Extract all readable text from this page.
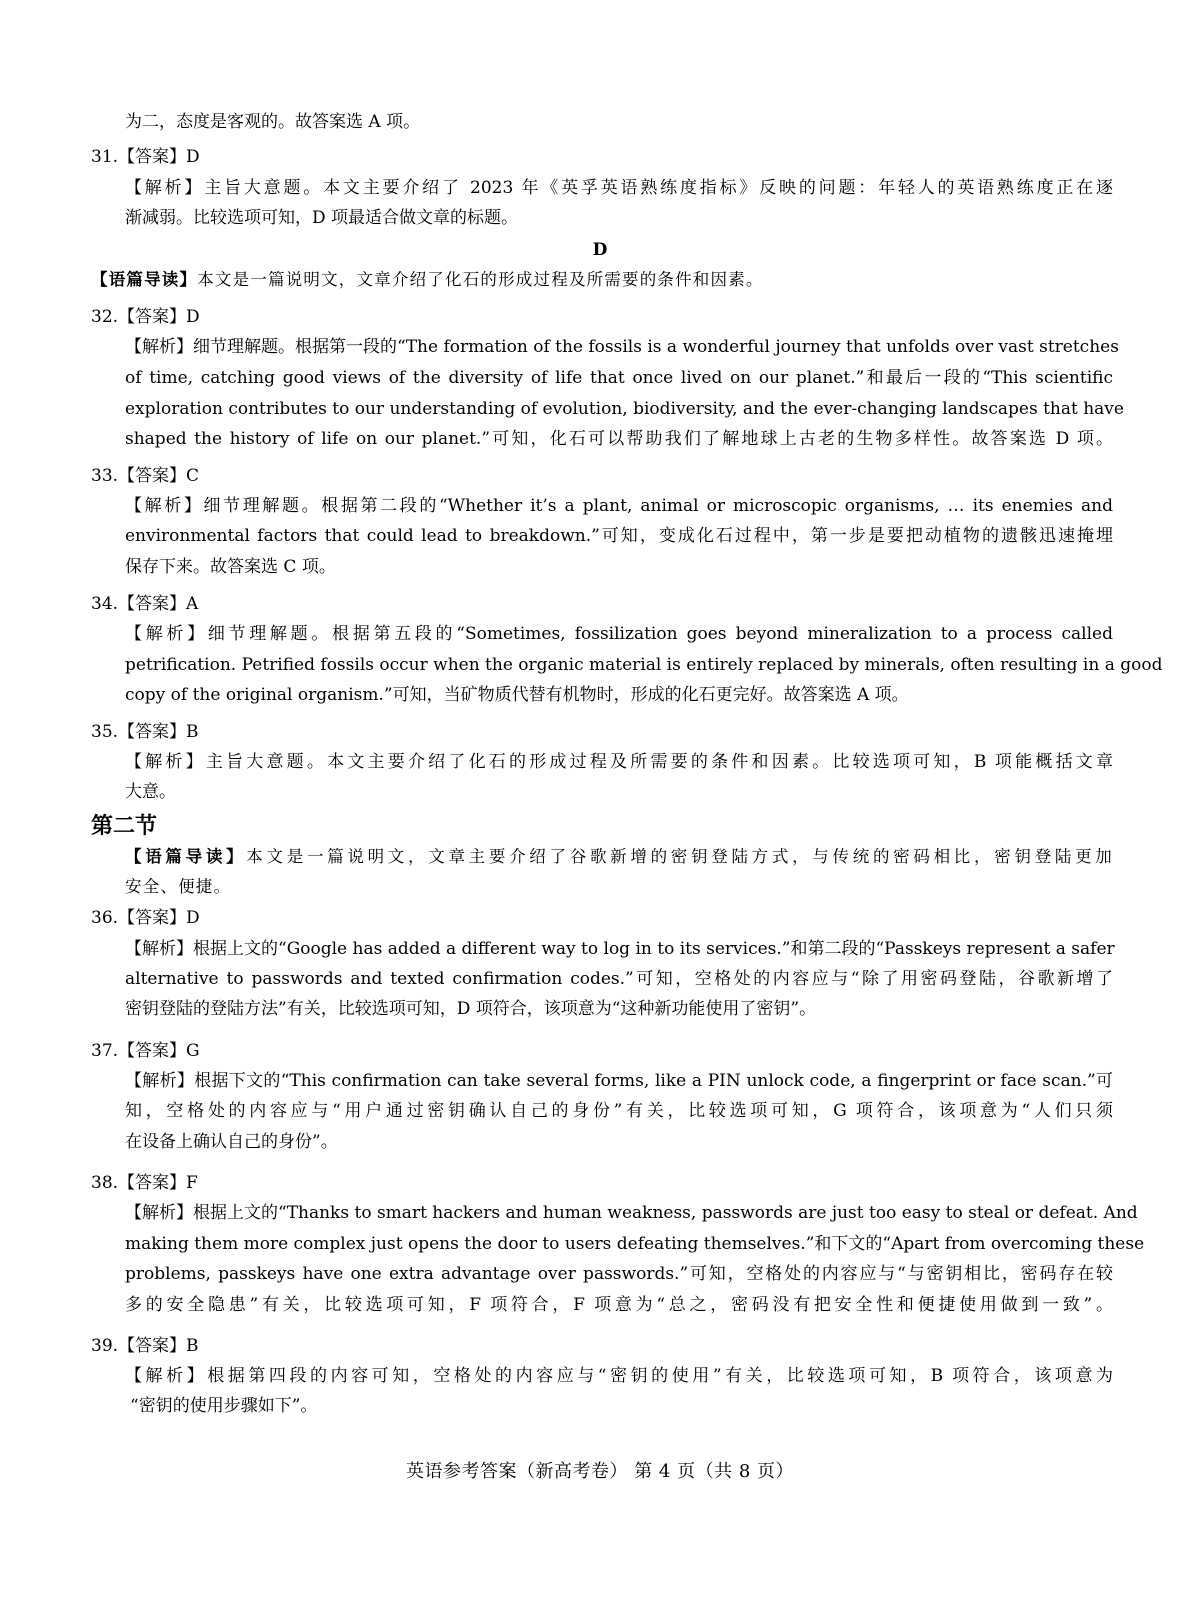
为二，态度是客观的。故答案选 A 项。
31.【答案】D
【解析】主旨大意题。本文主要介绍了 2023 年《英孚英语熟练度指标》反映的问题：年轻人的英语熟练度正在逐
渐减弱。比较选项可知，D 项最适合做文章的标题。
D
【语篇导读】本文是一篇说明文，文章介绍了化石的形成过程及所需要的条件和因素。
32.【答案】D
【解析】细节理解题。根据第一段的“The formation of the fossils is a wonderful journey that unfolds over vast stretches
of time, catching good views of the diversity of life that once lived on our planet.”和最后一段的“This scientific
exploration contributes to our understanding of evolution, biodiversity, and the ever-changing landscapes that have
shaped the history of life on our planet.”可知，化石可以帮助我们了解地球上古老的生物多样性。故答案选 D 项。
33.【答案】C
【解析】细节理解题。根据第二段的“Whether it’s a plant, animal or microscopic organisms, … its enemies and
environmental factors that could lead to breakdown.”可知，变成化石过程中，第一步是要把动植物的遗骸迅速掩埋
保存下来。故答案选 C 项。
34.【答案】A
【解析】细节理解题。根据第五段的“Sometimes, fossilization goes beyond mineralization to a process called
petrification. Petrified fossils occur when the organic material is entirely replaced by minerals, often resulting in a good
copy of the original organism.”可知，当矿物质代替有机物时，形成的化石更完好。故答案选 A 项。
35.【答案】B
【解析】主旨大意题。本文主要介绍了化石的形成过程及所需要的条件和因素。比较选项可知，B 项能概括文章
大意。
第二节
【语篇导读】本文是一篇说明文，文章主要介绍了谷歌新增的密钥登陆方式，与传统的密码相比，密钥登陆更加
安全、便捷。
36.【答案】D
【解析】根据上文的“Google has added a different way to log in to its services.”和第二段的“Passkeys represent a safer
alternative to passwords and texted confirmation codes.”可知，空格处的内容应与“除了用密码登陆，谷歌新增了
密钥登陆的登陆方法”有关，比较选项可知，D 项符合，该项意为“这种新功能使用了密钥”。
37.【答案】G
【解析】根据下文的“This confirmation can take several forms, like a PIN unlock code, a fingerprint or face scan.”可
知，空格处的内容应与“用户通过密钥确认自己的身份”有关，比较选项可知，G 项符合，该项意为“人们只须
在设备上确认自己的身份”。
38.【答案】F
【解析】根据上文的“Thanks to smart hackers and human weakness, passwords are just too easy to steal or defeat. And
making them more complex just opens the door to users defeating themselves.”和下文的“Apart from overcoming these
problems, passkeys have one extra advantage over passwords.”可知，空格处的内容应与“与密钥相比，密码存在较
多的安全隐患”有关，比较选项可知，F 项符合，F 项意为“总之，密码没有把安全性和便捷使用做到一致”。
39.【答案】B
【解析】根据第四段的内容可知，空格处的内容应与“密钥的使用”有关，比较选项可知，B 项符合，该项意为
“密钥的使用步骤如下”。
英语参考答案（新高考卷） 第 4 页（共 8 页）
